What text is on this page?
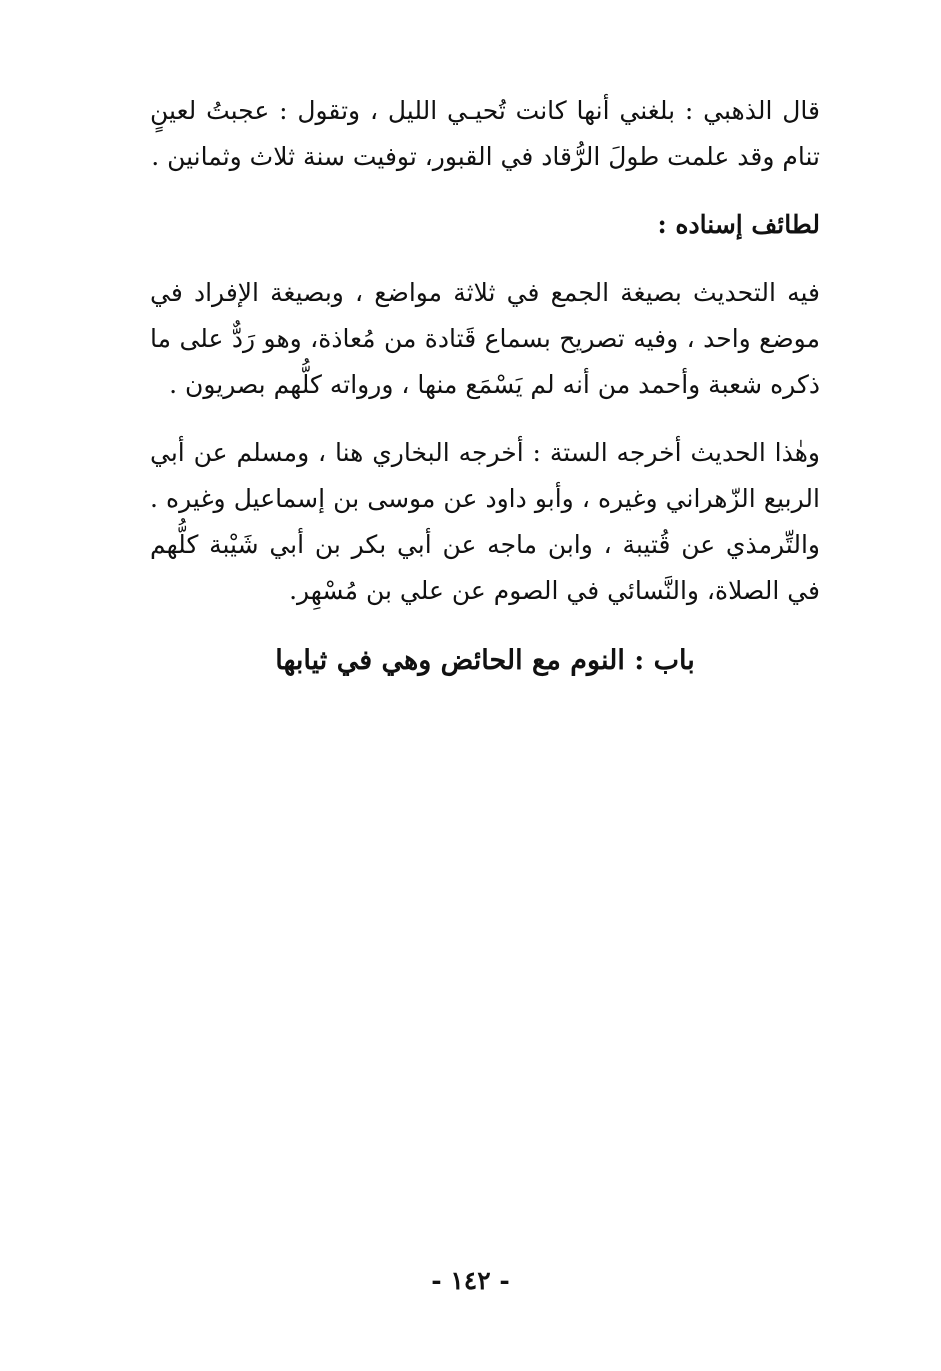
قال الذهبي : بلغني أنها كانت تُحيـي الليل ، وتقول : عجبتُ لعينٍ تنام وقد علمت طولَ الرُّقاد في القبور، توفيت سنة ثلاث وثمانين .

لطائف إسناده :

فيه التحديث بصيغة الجمع في ثلاثة مواضع ، وبصيغة الإفراد في موضع واحد ، وفيه تصريح بسماع قَتادة من مُعاذة، وهو رَدٌّ على ما ذكره شعبة وأحمد من أنه لم يَسْمَع منها ، ورواته كلُّهم بصريون .

وهٰذا الحديث أخرجه الستة : أخرجه البخاري هنا ، ومسلم عن أبي الربيع الزّهراني وغيره ، وأبو داود عن موسى بن إسماعيل وغيره . والتِّرمذي عن قُتيبة ، وابن ماجه عن أبي بكر بن أبي شَيْبة كلُّهم في الصلاة، والنَّسائي في الصوم عن علي بن مُسْهِر.

باب : النوم مع الحائض وهي في ثيابها

- ١٤٢ -
